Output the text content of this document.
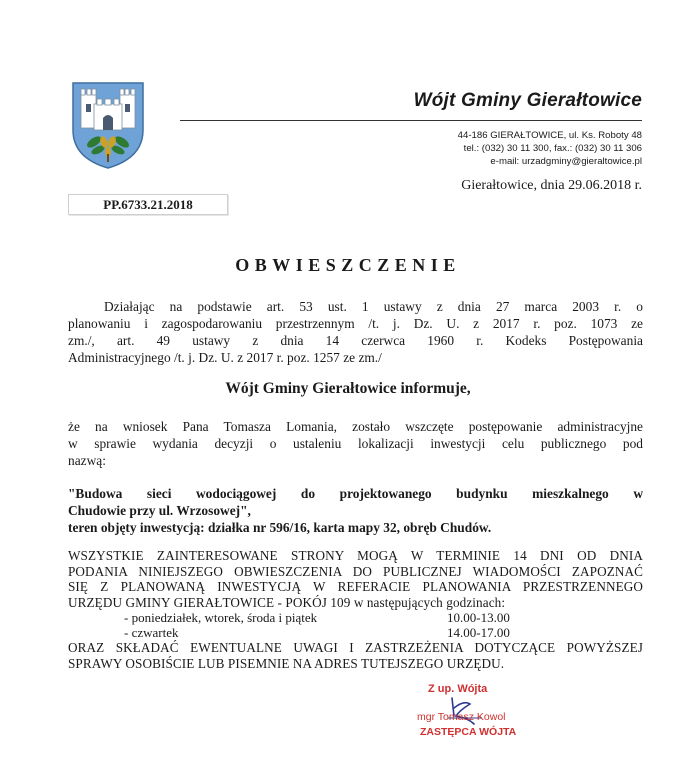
Wójt Gminy Gierałtowice
44-186 GIERAŁTOWICE, ul. Ks. Roboty 48
tel.: (032) 30 11 300, fax.: (032) 30 11 306
e-mail: urzadgminy@gieraltowice.pl
Gierałtowice, dnia 29.06.2018 r.
PP.6733.21.2018
OBWIESZCZENIE
Działając na podstawie art. 53 ust. 1 ustawy z dnia 27 marca 2003 r. o
planowaniu i zagospodarowaniu przestrzennym /t. j. Dz. U. z 2017 r. poz. 1073 ze
zm./, art. 49 ustawy z dnia 14 czerwca 1960 r. Kodeks Postępowania
Administracyjnego /t. j. Dz. U. z 2017 r. poz. 1257 ze zm./
Wójt Gminy Gierałtowice informuje,
że na wniosek Pana Tomasza Lomania, zostało wszczęte postępowanie administracyjne
w sprawie wydania decyzji o ustaleniu lokalizacji inwestycji celu publicznego pod
nazwą:
"Budowa sieci wodociągowej do projektowanego budynku mieszkalnego w
Chudowie przy ul. Wrzosowej",
teren objęty inwestycją: działka nr 596/16, karta mapy 32, obręb Chudów.
WSZYSTKIE ZAINTERESOWANE STRONY MOGĄ W TERMINIE 14 DNI OD DNIA
PODANIA NINIEJSZEGO OBWIESZCZENIA DO PUBLICZNEJ WIADOMOŚCI ZAPOZNAĆ
SIĘ Z PLANOWANĄ INWESTYCJĄ W REFERACIE PLANOWANIA PRZESTRZENNEGO
URZĘDU GMINY GIERAŁTOWICE - POKÓJ 109 w następujących godzinach:
- poniedziałek, wtorek, środa i piątek	10.00-13.00
- czwartek	14.00-17.00
ORAZ SKŁADAĆ EWENTUALNE UWAGI I ZASTRZEŻENIA DOTYCZĄCE POWYŻSZEJ
SPRAWY OSOBIŚCIE LUB PISEMNIE NA ADRES TUTEJSZEGO URZĘDU.
Z up. Wójta
mgr Tomasz Kowol
ZASTĘPCA WÓJTA
